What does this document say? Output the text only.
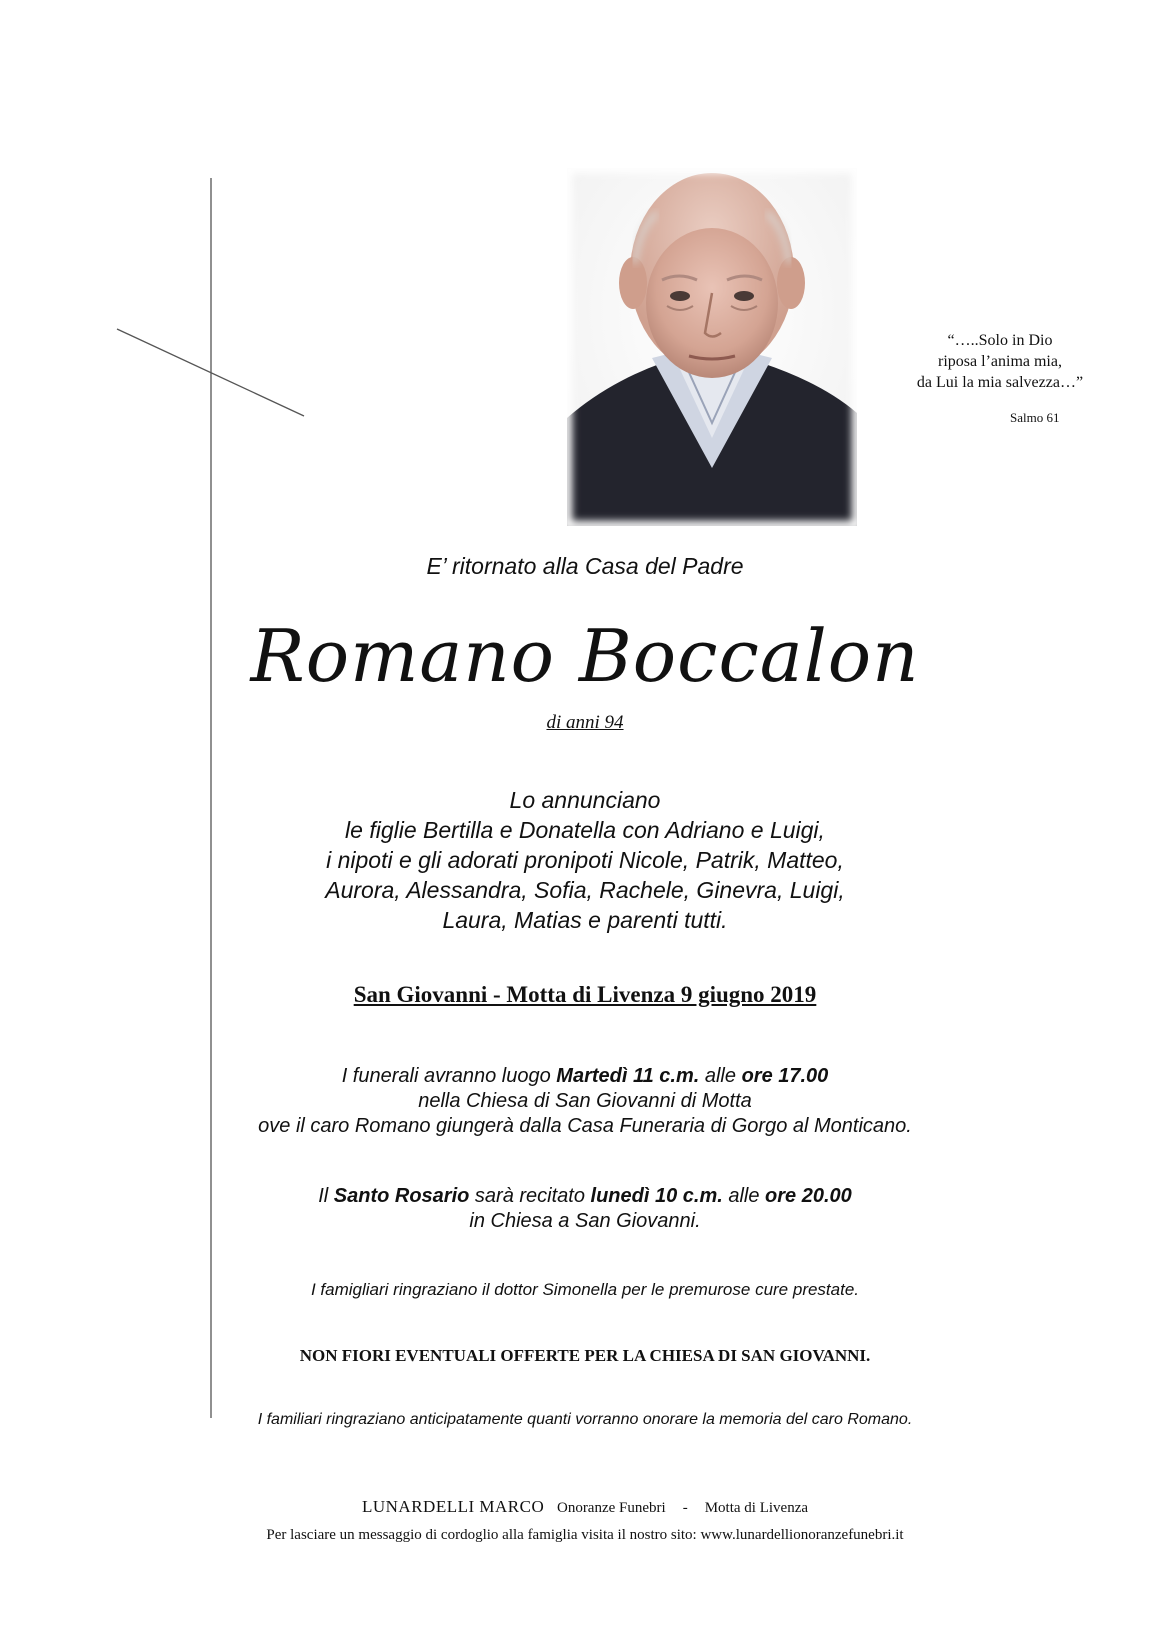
“…..Solo in Dio
riposa l’anima mia,
da Lui la mia salvezza…”
Salmo 61
E’ ritornato alla Casa del Padre
Romano Boccalon
di anni 94
Lo annunciano
le figlie Bertilla e Donatella con Adriano e Luigi,
i nipoti e gli adorati pronipoti Nicole, Patrik, Matteo,
Aurora, Alessandra, Sofia, Rachele, Ginevra, Luigi,
Laura, Matias e parenti tutti.
San Giovanni - Motta di Livenza 9 giugno 2019
I funerali avranno luogo Martedì 11 c.m. alle ore 17.00
nella Chiesa di San Giovanni di Motta
ove il caro Romano giungerà dalla Casa Funeraria di Gorgo al Monticano.
Il Santo Rosario sarà recitato lunedì 10 c.m. alle ore 20.00
in Chiesa a San Giovanni.
I famigliari ringraziano il dottor Simonella per le premurose cure prestate.
NON FIORI EVENTUALI OFFERTE PER LA CHIESA DI SAN GIOVANNI.
I familiari ringraziano anticipatamente quanti vorranno onorare la memoria del caro Romano.
LUNARDELLI MARCO Onoranze Funebri - Motta di Livenza
Per lasciare un messaggio di cordoglio alla famiglia visita il nostro sito: www.lunardellionoranzefunebri.it
